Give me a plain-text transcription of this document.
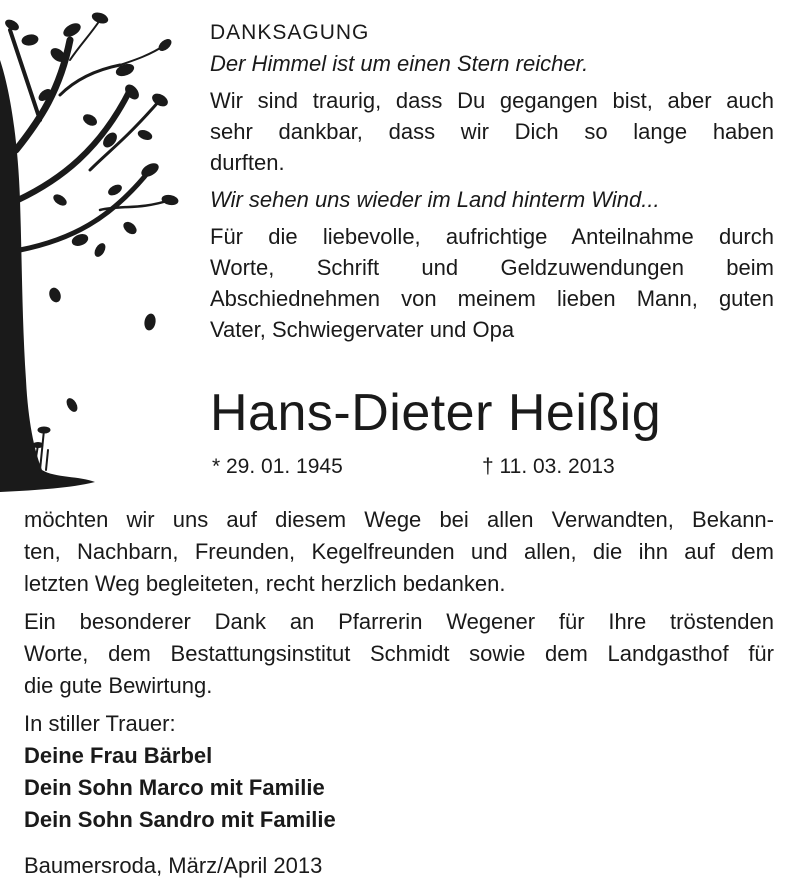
DANKSAGUNG

Der Himmel ist um einen Stern reicher.

Wir sind traurig, dass Du gegangen bist, aber auch

sehr dankbar, dass wir Dich so lange haben

durften.

Wir sehen uns wieder im Land hinterm Wind...

Für die liebevolle, aufrichtige Anteilnahme durch

Worte, Schrift und Geldzuwendungen beim

Abschiednehmen von meinem lieben Mann, guten

Vater, Schwiegervater und Opa

Hans-Dieter Heißig
* 29. 01. 1945	† 11. 03. 2013

möchten wir uns auf diesem Wege bei allen Verwandten, Bekann-

ten, Nachbarn, Freunden, Kegelfreunden und allen, die ihn auf dem

letzten Weg begleiteten, recht herzlich bedanken.

Ein besonderer Dank an Pfarrerin Wegener für Ihre tröstenden

Worte, dem Bestattungsinstitut Schmidt sowie dem Landgasthof für

die gute Bewirtung.

In stiller Trauer:

Deine Frau Bärbel

Dein Sohn Marco mit Familie

Dein Sohn Sandro mit Familie

Baumersroda, März/April 2013
